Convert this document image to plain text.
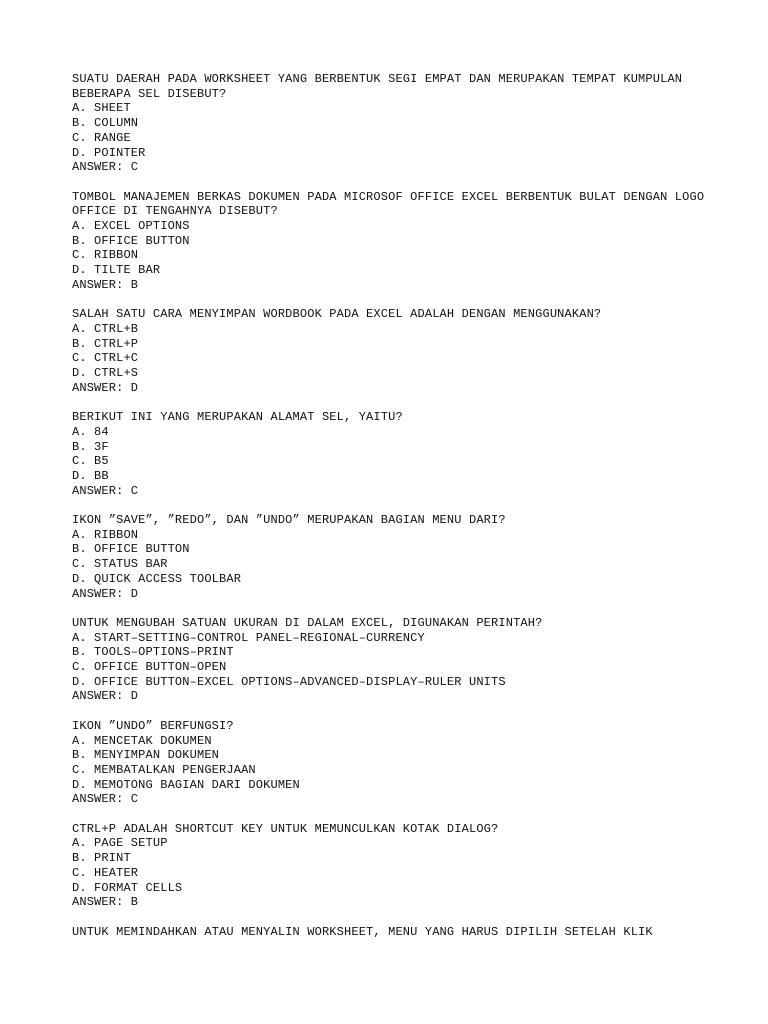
SUATU DAERAH PADA WORKSHEET YANG BERBENTUK SEGI EMPAT DAN MERUPAKAN TEMPAT KUMPULAN BEBERAPA SEL DISEBUT?
A. SHEET
B. COLUMN
C. RANGE
D. POINTER
ANSWER: C
TOMBOL MANAJEMEN BERKAS DOKUMEN PADA MICROSOF OFFICE EXCEL BERBENTUK BULAT DENGAN LOGO OFFICE DI TENGAHNYA DISEBUT?
A. EXCEL OPTIONS
B. OFFICE BUTTON
C. RIBBON
D. TILTE BAR
ANSWER: B
SALAH SATU CARA MENYIMPAN WORDBOOK PADA EXCEL ADALAH DENGAN MENGGUNAKAN?
A. CTRL+B
B. CTRL+P
C. CTRL+C
D. CTRL+S
ANSWER: D
BERIKUT INI YANG MERUPAKAN ALAMAT SEL, YAITU?
A. 84
B. 3F
C. B5
D. BB
ANSWER: C
IKON ”SAVE”, ”REDO”, DAN ”UNDO” MERUPAKAN BAGIAN MENU DARI?
A. RIBBON
B. OFFICE BUTTON
C. STATUS BAR
D. QUICK ACCESS TOOLBAR
ANSWER: D
UNTUK MENGUBAH SATUAN UKURAN DI DALAM EXCEL, DIGUNAKAN PERINTAH?
A. START–SETTING–CONTROL PANEL–REGIONAL–CURRENCY
B. TOOLS–OPTIONS–PRINT
C. OFFICE BUTTON–OPEN
D. OFFICE BUTTON–EXCEL OPTIONS–ADVANCED–DISPLAY–RULER UNITS
ANSWER: D
IKON ”UNDO” BERFUNGSI?
A. MENCETAK DOKUMEN
B. MENYIMPAN DOKUMEN
C. MEMBATALKAN PENGERJAAN
D. MEMOTONG BAGIAN DARI DOKUMEN
ANSWER: C
CTRL+P ADALAH SHORTCUT KEY UNTUK MEMUNCULKAN KOTAK DIALOG?
A. PAGE SETUP
B. PRINT
C. HEATER
D. FORMAT CELLS
ANSWER: B
UNTUK MEMINDAHKAN ATAU MENYALIN WORKSHEET, MENU YANG HARUS DIPILIH SETELAH KLIK
